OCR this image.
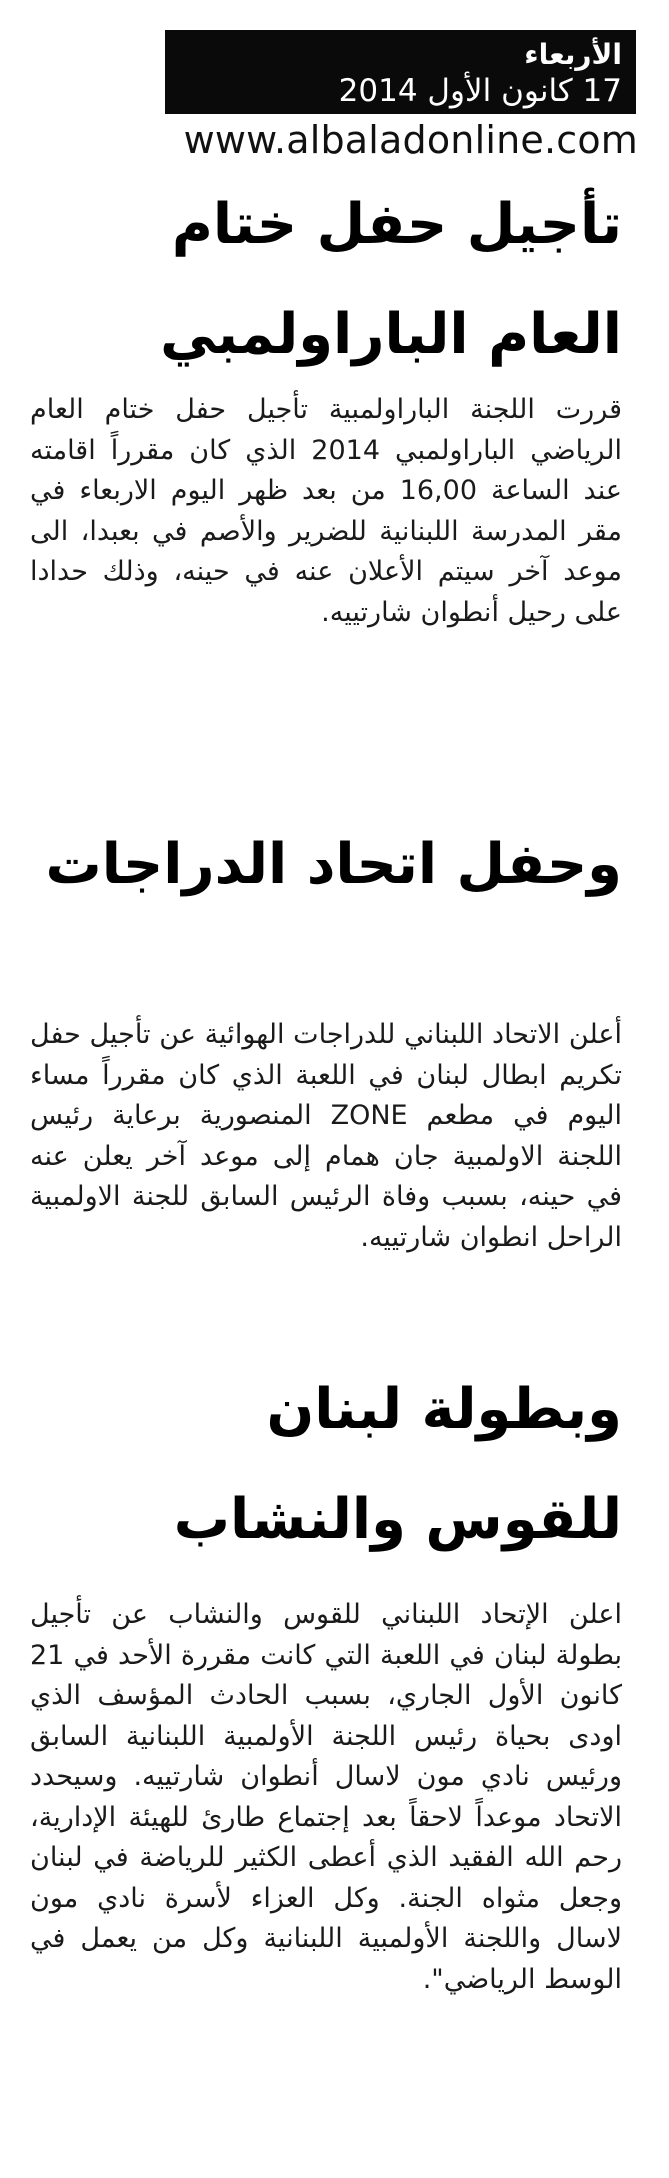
الأربعاء
17 كانون الأول 2014
www.albaladonline.com
تأجيل حفل ختام
العام الباراولمبي

قررت اللجنة الباراولمبية تأجيل حفل ختام العام الرياضي الباراولمبي 2014 الذي كان مقرراً اقامته عند الساعة 16,00 من بعد ظهر اليوم الاربعاء في مقر المدرسة اللبنانية للضرير والأصم في بعبدا، الى موعد آخر سيتم الأعلان عنه في حينه، وذلك حدادا على رحيل أنطوان شارتييه.

وحفل اتحاد الدراجات

أعلن الاتحاد اللبناني للدراجات الهوائية عن تأجيل حفل تكريم ابطال لبنان في اللعبة الذي كان مقرراً مساء اليوم في مطعم ZONE المنصورية برعاية رئيس اللجنة الاولمبية جان همام إلى موعد آخر يعلن عنه في حينه، بسبب وفاة الرئيس السابق للجنة الاولمبية الراحل انطوان شارتييه.

وبطولة لبنان
للقوس والنشاب

اعلن الإتحاد اللبناني للقوس والنشاب عن تأجيل بطولة لبنان في اللعبة التي كانت مقررة الأحد في 21 كانون الأول الجاري، بسبب الحادث المؤسف الذي اودى بحياة رئيس اللجنة الأولمبية اللبنانية السابق ورئيس نادي مون لاسال أنطوان شارتييه. وسيحدد الاتحاد موعداً لاحقاً بعد إجتماع طارئ للهيئة الإدارية، رحم الله الفقيد الذي أعطى الكثير للرياضة في لبنان وجعل مثواه الجنة. وكل العزاء لأسرة نادي مون لاسال واللجنة الأولمبية اللبنانية وكل من يعمل في الوسط الرياضي".
